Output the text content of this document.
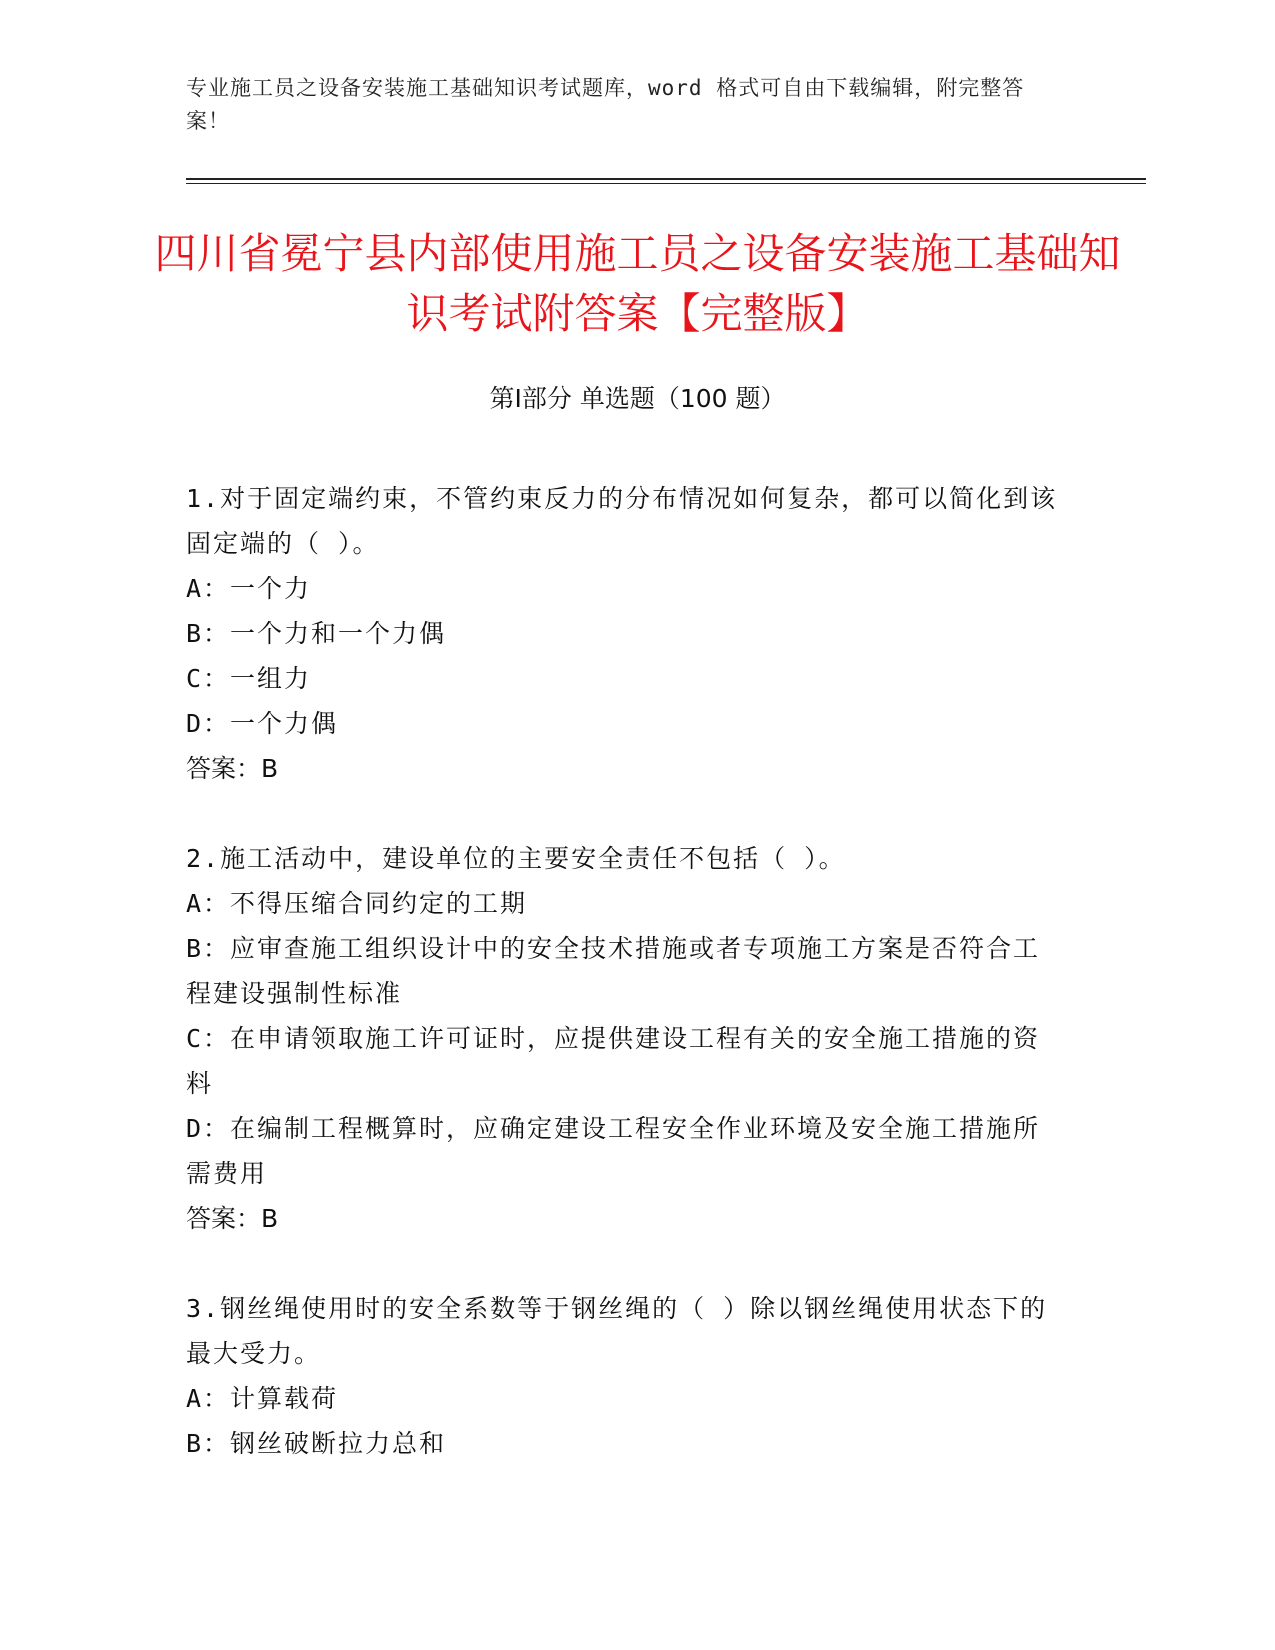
专业施工员之设备安装施工基础知识考试题库，word 格式可自由下载编辑，附完整答案！
四川省冕宁县内部使用施工员之设备安装施工基础知识考试附答案【完整版】
第Ⅰ部分 单选题（100 题）

1.对于固定端约束，不管约束反力的分布情况如何复杂，都可以简化到该固定端的（ ）。

A：一个力

B：一个力和一个力偶

C：一组力

D：一个力偶

答案：B

2.施工活动中，建设单位的主要安全责任不包括（ ）。

A：不得压缩合同约定的工期

B：应审查施工组织设计中的安全技术措施或者专项施工方案是否符合工程建设强制性标准

C：在申请领取施工许可证时，应提供建设工程有关的安全施工措施的资料

D：在编制工程概算时，应确定建设工程安全作业环境及安全施工措施所需费用

答案：B

3.钢丝绳使用时的安全系数等于钢丝绳的（ ）除以钢丝绳使用状态下的最大受力。

A：计算载荷

B：钢丝破断拉力总和
